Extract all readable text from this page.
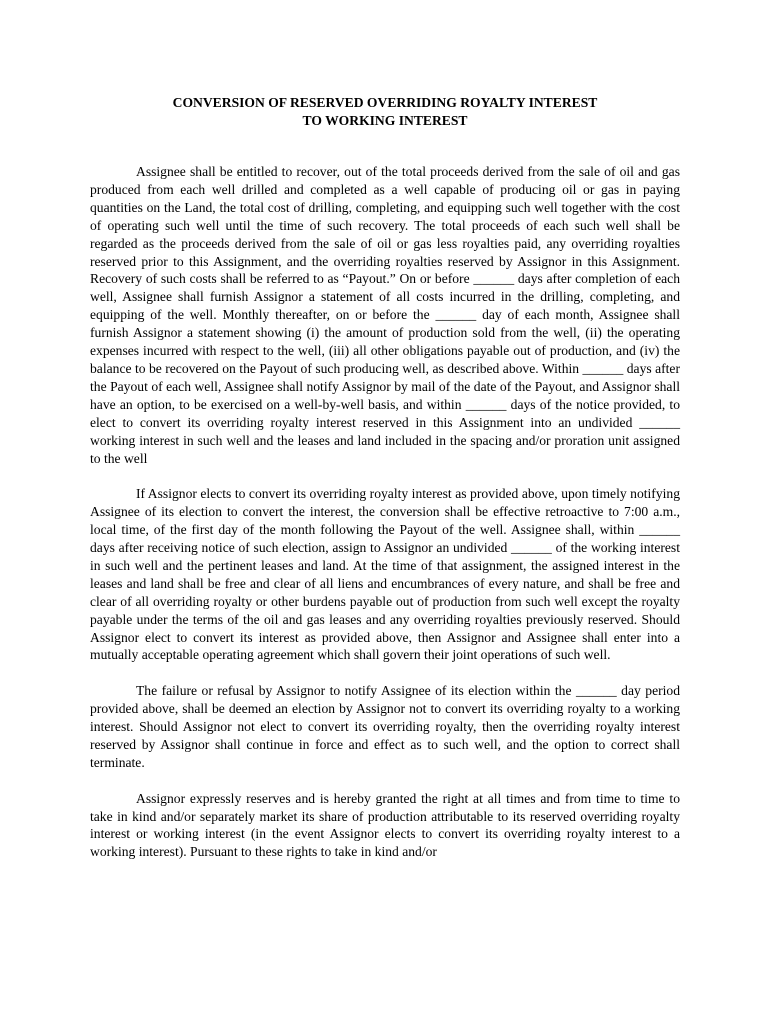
CONVERSION OF RESERVED OVERRIDING ROYALTY INTEREST
TO WORKING INTEREST

Assignee shall be entitled to recover, out of the total proceeds derived from the sale of oil and gas produced from each well drilled and completed as a well capable of producing oil or gas in paying quantities on the Land, the total cost of drilling, completing, and equipping such well together with the cost of operating such well until the time of such recovery. The total proceeds of each such well shall be regarded as the proceeds derived from the sale of oil or gas less royalties paid, any overriding royalties reserved prior to this Assignment, and the overriding royalties reserved by Assignor in this Assignment. Recovery of such costs shall be referred to as “Payout.” On or before ______ days after completion of each well, Assignee shall furnish Assignor a statement of all costs incurred in the drilling, completing, and equipping of the well. Monthly thereafter, on or before the ______ day of each month, Assignee shall furnish Assignor a statement showing (i) the amount of production sold from the well, (ii) the operating expenses incurred with respect to the well, (iii) all other obligations payable out of production, and (iv) the balance to be recovered on the Payout of such producing well, as described above. Within ______ days after the Payout of each well, Assignee shall notify Assignor by mail of the date of the Payout, and Assignor shall have an option, to be exercised on a well-by-well basis, and within ______ days of the notice provided, to elect to convert its overriding royalty interest reserved in this Assignment into an undivided ______ working interest in such well and the leases and land included in the spacing and/or proration unit assigned to the well

If Assignor elects to convert its overriding royalty interest as provided above, upon timely notifying Assignee of its election to convert the interest, the conversion shall be effective retroactive to 7:00 a.m., local time, of the first day of the month following the Payout of the well. Assignee shall, within ______ days after receiving notice of such election, assign to Assignor an undivided ______ of the working interest in such well and the pertinent leases and land. At the time of that assignment, the assigned interest in the leases and land shall be free and clear of all liens and encumbrances of every nature, and shall be free and clear of all overriding royalty or other burdens payable out of production from such well except the royalty payable under the terms of the oil and gas leases and any overriding royalties previously reserved. Should Assignor elect to convert its interest as provided above, then Assignor and Assignee shall enter into a mutually acceptable operating agreement which shall govern their joint operations of such well.

The failure or refusal by Assignor to notify Assignee of its election within the ______ day period provided above, shall be deemed an election by Assignor not to convert its overriding royalty to a working interest. Should Assignor not elect to convert its overriding royalty, then the overriding royalty interest reserved by Assignor shall continue in force and effect as to such well, and the option to correct shall terminate.

Assignor expressly reserves and is hereby granted the right at all times and from time to time to take in kind and/or separately market its share of production attributable to its reserved overriding royalty interest or working interest (in the event Assignor elects to convert its overriding royalty interest to a working interest). Pursuant to these rights to take in kind and/or
